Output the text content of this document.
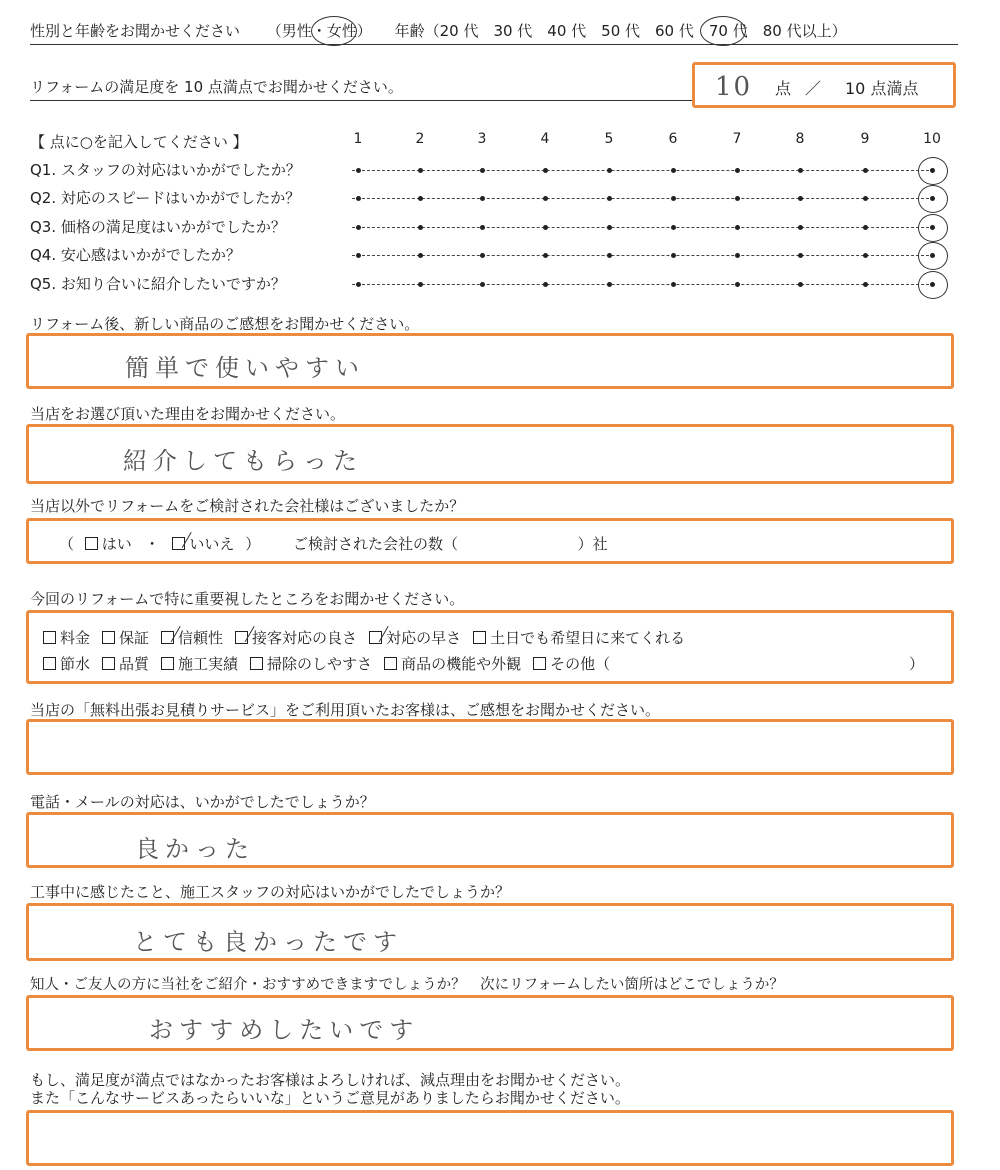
性別と年齢をお聞かせください （男性・女性） 年齢（20 代　30 代　40 代　50 代　60 代　70 代　80 代以上）
リフォームの満足度を 10 点満点でお聞かせください。	10 点 ／ 10 点満点
【 点に○を記入してください 】	1	2	3	4	5	6	7	8	9	10
Q1. スタッフの対応はいかがでしたか？
Q2. 対応のスピードはいかがでしたか？
Q3. 価格の満足度はいかがでしたか？
Q4. 安心感はいかがでしたか？
Q5. お知り合いに紹介したいですか？
リフォーム後、新しい商品のご感想をお聞かせください。
簡単で使いやすい
当店をお選び頂いた理由をお聞かせください。
紹介してもらった
当店以外でリフォームをご検討された会社様はございましたか？
（ はい ・ いいえ ） ご検討された会社の数（	）社
今回のリフォームで特に重要視したところをお聞かせください。
料金 保証 信頼性 接客対応の良さ 対応の早さ 土日でも希望日に来てくれる
節水 品質 施工実績 掃除のしやすさ 商品の機能や外観 その他（	）
当店の「無料出張お見積りサービス」をご利用頂いたお客様は、ご感想をお聞かせください。
電話・メールの対応は、いかがでしたでしょうか？
良かった
工事中に感じたこと、施工スタッフの対応はいかがでしたでしょうか？
とても良かったです
知人・ご友人の方に当社をご紹介・おすすめできますでしょうか？　次にリフォームしたい箇所はどこでしょうか？
おすすめしたいです
もし、満足度が満点ではなかったお客様はよろしければ、減点理由をお聞かせください。
また「こんなサービスあったらいいな」というご意見がありましたらお聞かせください。
